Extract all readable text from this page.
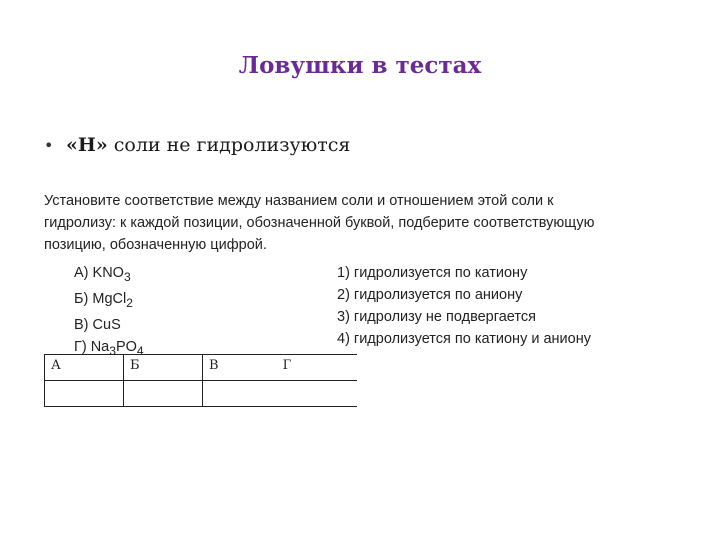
Ловушки в тестах
• «Н» соли не гидролизуются
Установите соответствие между названием соли и отношением этой соли к
гидролизу: к каждой позиции, обозначенной буквой, подберите соответствующую
позицию, обозначенную цифрой.
А) $KNO_3$
Б) MgCl$_2$
В) CuS
Г) $Na_3PO_4$
1) гидролизуется по катиону
2) гидролизуется по аниону
3) гидролизу не подвергается
4) гидролизуется по катиону и аниону
А	Б	В Г
